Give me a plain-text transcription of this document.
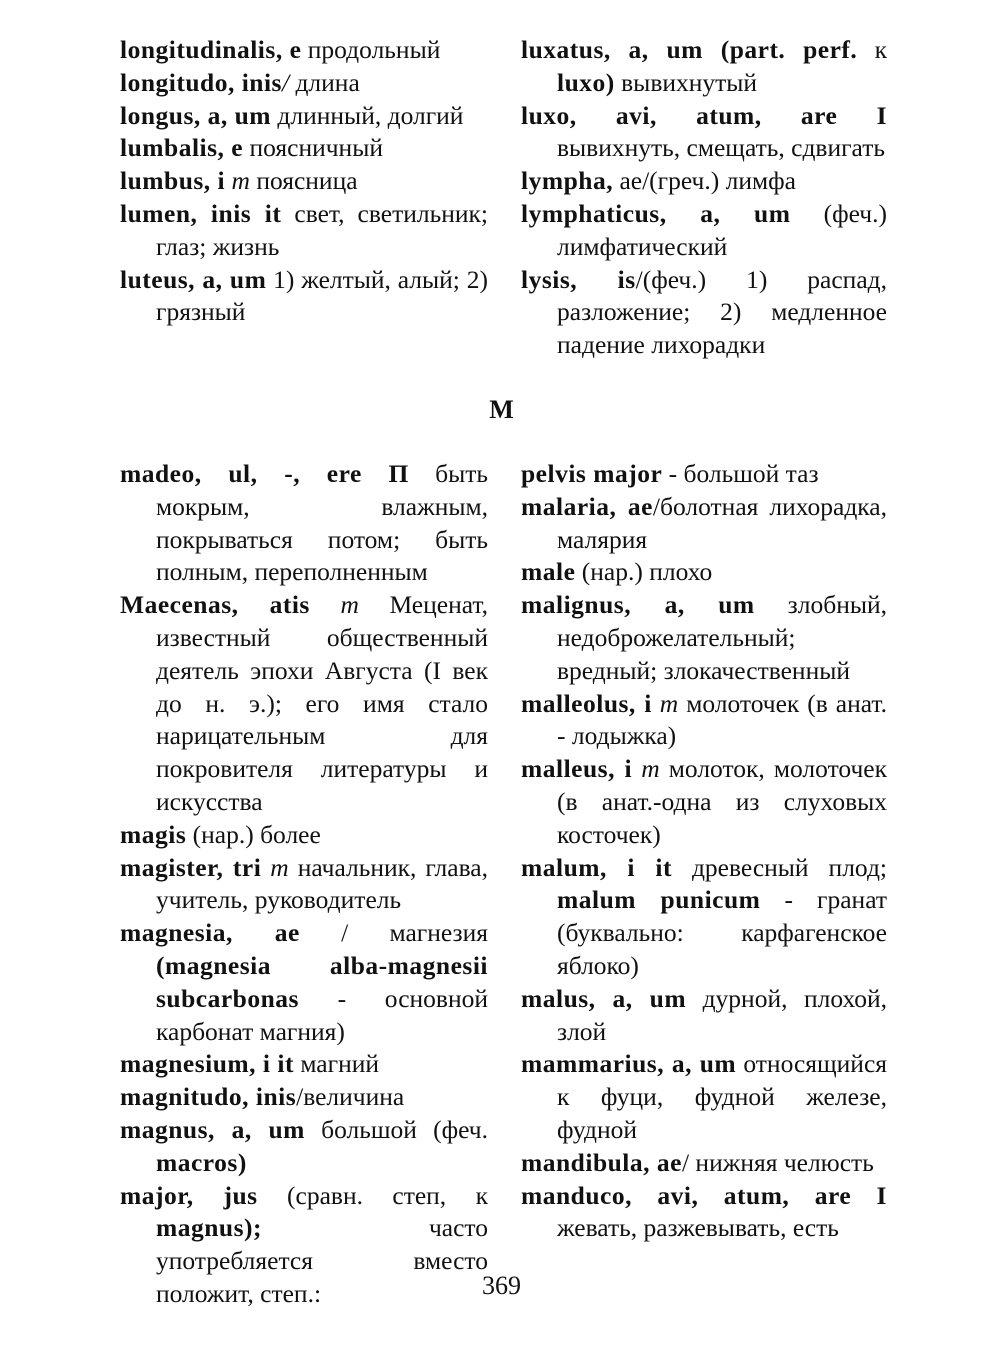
longitudinalis, e продольный
longitudo, inis/ длина
longus, a, um длинный, долгий
lumbalis, e поясничный
lumbus, i m поясница
lumen, inis it свет, светильник; глаз; жизнь
luteus, a, um 1) желтый, алый; 2) грязный
luxatus, a, um (part. perf. к luxo) вывихнутый
luxo, avi, atum, are I вывихнуть, смещать, сдвигать
lympha, ae/(греч.) лимфа
lymphaticus, a, um (феч.) лимфатический
lysis, is/(феч.) 1) распад, разложение; 2) медленное падение лихорадки
M
madeo, ul, -, ere П быть мокрым, влажным, покрываться потом; быть полным, переполненным
Maecenas, atis m Меценат, известный общественный деятель эпохи Августа (I век до н. э.); его имя стало нарицательным для покровителя литературы и искусства
magis (нар.) более
magister, tri m начальник, глава, учитель, руководитель
magnesia, ae / магнезия (magnesia alba-magnesii subcarbonas - основной карбонат магния)
magnesium, i it магний
magnitudo, inis/величина
magnus, a, um большой (феч. macros)
major, jus (сравн. степ, к magnus); часто употребляется вместо положит, степ.:
pelvis major - большой таз
malaria, ae/болотная лихорадка, малярия
male (нар.) плохо
malignus, a, um злобный, недоброжелательный; вредный; злокачественный
malleolus, i m молоточек (в анат. - лодыжка)
malleus, i m молоток, молоточек (в анат.-одна из слуховых косточек)
malum, i it древесный плод; malum punicum - гранат (буквально: карфагенское яблоко)
malus, a, um дурной, плохой, злой
mammarius, a, um относящийся к фуци, фудной железе, фудной
mandibula, ae/ нижняя челюсть
manduco, avi, atum, are I жевать, разжевывать, есть
369
